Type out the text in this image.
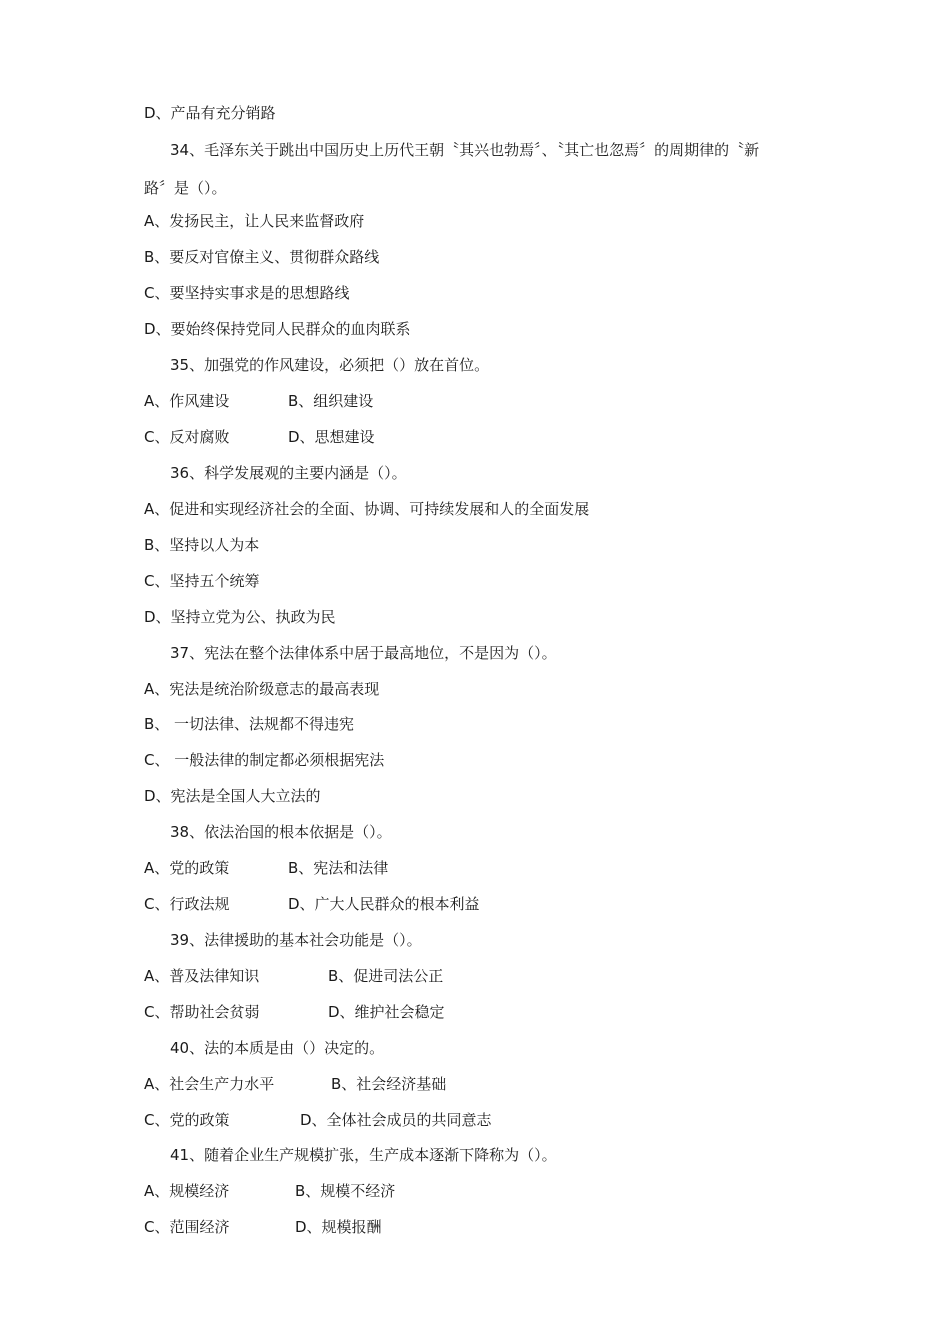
D、产品有充分销路
34、毛泽东关于跳出中国历史上历代王朝〝其兴也勃焉〞、〝其亡也忽焉〞的周期律的〝新
路〞是（）。
A、发扬民主，让人民来监督政府
B、要反对官僚主义、贯彻群众路线
C、要坚持实事求是的思想路线
D、要始终保持党同人民群众的血肉联系
35、加强党的作风建设，必须把（）放在首位。
A、作风建设	B、组织建设
C、反对腐败	D、思想建设
36、科学发展观的主要内涵是（）。
A、促进和实现经济社会的全面、协调、可持续发展和人的全面发展
B、坚持以人为本
C、坚持五个统筹
D、坚持立党为公、执政为民
37、宪法在整个法律体系中居于最高地位，不是因为（）。
A、宪法是统治阶级意志的最高表现
B、 一切法律、法规都不得违宪
C、 一般法律的制定都必须根据宪法
D、宪法是全国人大立法的
38、依法治国的根本依据是（）。
A、党的政策	B、宪法和法律
C、行政法规	D、广大人民群众的根本利益
39、法律援助的基本社会功能是（）。
A、普及法律知识	B、促进司法公正
C、帮助社会贫弱	D、维护社会稳定
40、法的本质是由（）决定的。
A、社会生产力水平	B、社会经济基础
C、党的政策	D、全体社会成员的共同意志
41、随着企业生产规模扩张，生产成本逐渐下降称为（）。
A、规模经济	B、规模不经济
C、范围经济	D、规模报酬
